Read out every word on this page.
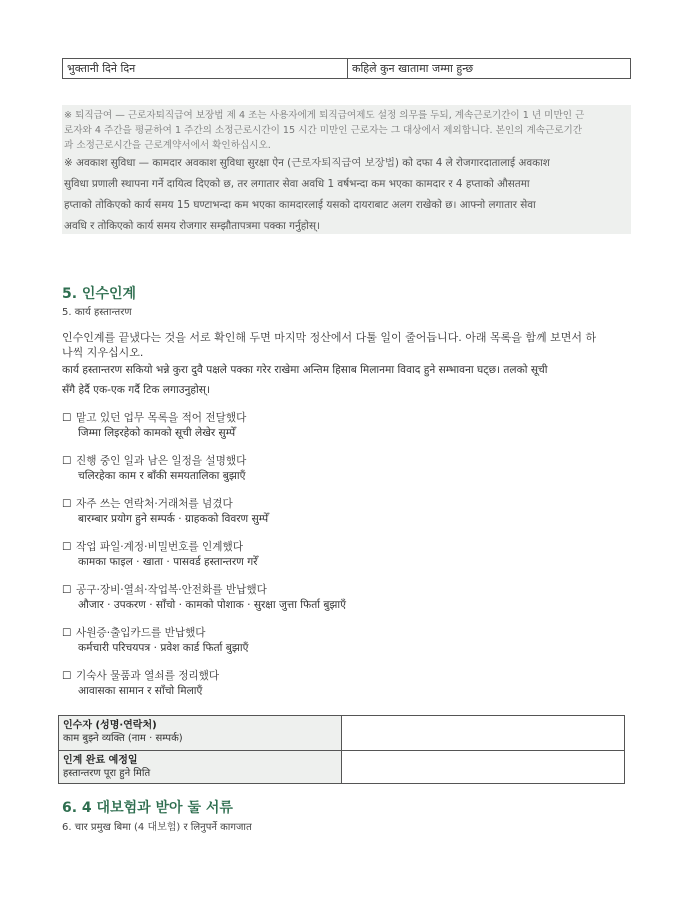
भुक्तानी दिने दिन	कहिले कुन खातामा जम्मा हुन्छ
※ 퇴직급여 — 근로자퇴직급여 보장법 제 4 조는 사용자에게 퇴직급여제도 설정 의무를 두되, 계속근로기간이 1 년 미만인 근
로자와 4 주간을 평균하여 1 주간의 소정근로시간이 15 시간 미만인 근로자는 그 대상에서 제외합니다. 본인의 계속근로기간
과 소정근로시간을 근로계약서에서 확인하십시오.
※ अवकाश सुविधा — कामदार अवकाश सुविधा सुरक्षा ऐन (근로자퇴직급여 보장법) को दफा 4 ले रोजगारदातालाई अवकाश
सुविधा प्रणाली स्थापना गर्ने दायित्व दिएको छ, तर लगातार सेवा अवधि 1 वर्षभन्दा कम भएका कामदार र 4 हप्ताको औसतमा
हप्ताको तोकिएको कार्य समय 15 घण्टाभन्दा कम भएका कामदारलाई यसको दायराबाट अलग राखेको छ। आफ्नो लगातार सेवा
अवधि र तोकिएको कार्य समय रोजगार सम्झौतापत्रमा पक्का गर्नुहोस्।
5. 인수인계
5. कार्य हस्तान्तरण
인수인계를 끝냈다는 것을 서로 확인해 두면 마지막 정산에서 다툴 일이 줄어듭니다. 아래 목록을 함께 보면서 하
나씩 지우십시오.
कार्य हस्तान्तरण सकियो भन्ने कुरा दुवै पक्षले पक्का गरेर राखेमा अन्तिम हिसाब मिलानमा विवाद हुने सम्भावना घट्छ। तलको सूची
सँगै हेर्दै एक-एक गर्दै टिक लगाउनुहोस्।
☐ 맡고 있던 업무 목록을 적어 전달했다
जिम्मा लिइरहेको कामको सूची लेखेर सुम्पेँ
☐ 진행 중인 일과 남은 일정을 설명했다
चलिरहेका काम र बाँकी समयतालिका बुझाएँ
☐ 자주 쓰는 연락처·거래처를 넘겼다
बारम्बार प्रयोग हुने सम्पर्क · ग्राहकको विवरण सुम्पेँ
☐ 작업 파일·계정·비밀번호를 인계했다
कामका फाइल · खाता · पासवर्ड हस्तान्तरण गरेँ
☐ 공구·장비·열쇠·작업복·안전화를 반납했다
औजार · उपकरण · साँचो · कामको पोशाक · सुरक्षा जुत्ता फिर्ता बुझाएँ
☐ 사원증·출입카드를 반납했다
कर्मचारी परिचयपत्र · प्रवेश कार्ड फिर्ता बुझाएँ
☐ 기숙사 물품과 열쇠를 정리했다
आवासका सामान र साँचो मिलाएँ
인수자 (성명·연락처)
काम बुझ्ने व्यक्ति (नाम · सम्पर्क)
인계 완료 예정일
हस्तान्तरण पूरा हुने मिति
6. 4 대보험과 받아 둘 서류
6. चार प्रमुख बिमा (4 대보험) र लिनुपर्ने कागजात
